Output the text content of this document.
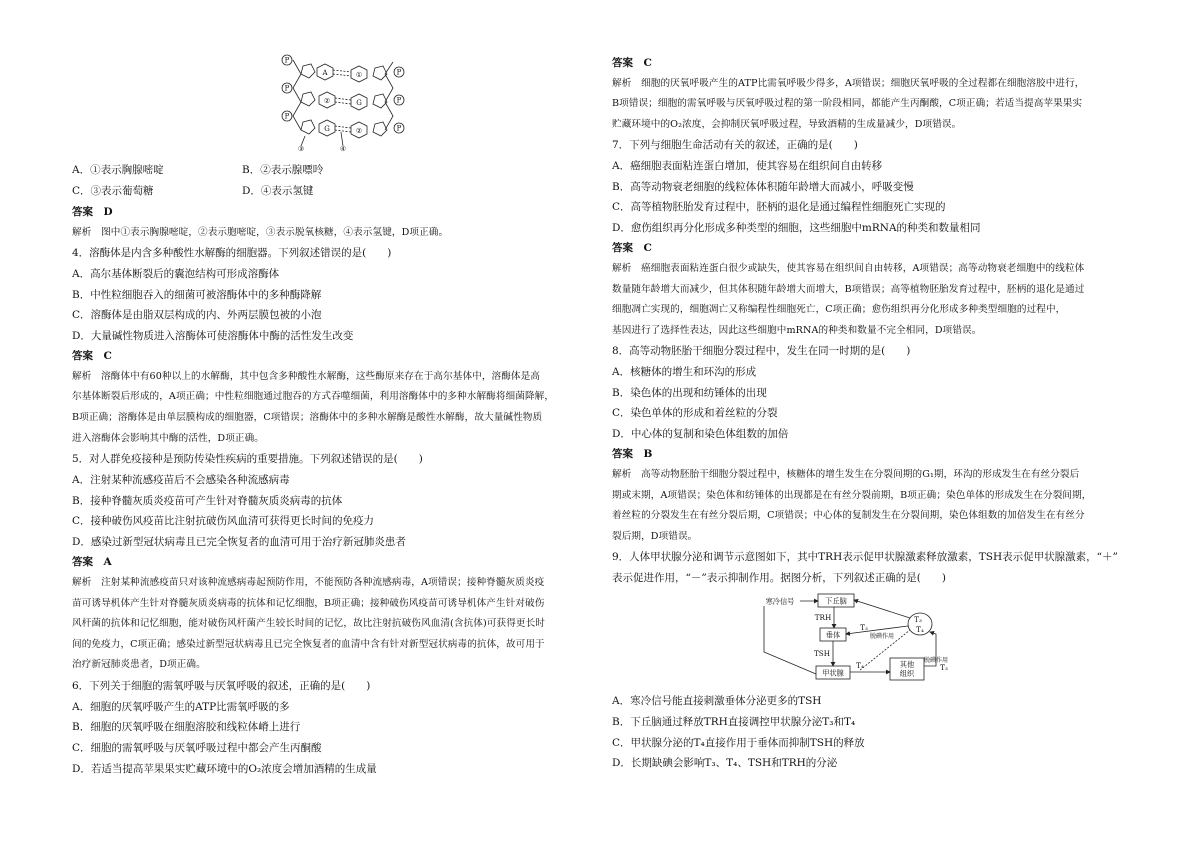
P
P
P
P
P
P
A	①
②	G
G	②
③	④
A．①表示胸腺嘧啶	B．②表示腺嘌呤
C．③表示葡萄糖	D．④表示氢键
答案　D
解析　图中①表示胸腺嘧啶，②表示胞嘧啶，③表示脱氧核糖，④表示氢键，D项正确。
4．溶酶体是内含多种酸性水解酶的细胞器。下列叙述错误的是(　　)
A．高尔基体断裂后的囊泡结构可形成溶酶体
B．中性粒细胞吞入的细菌可被溶酶体中的多种酶降解
C．溶酶体是由脂双层构成的内、外两层膜包被的小泡
D．大量碱性物质进入溶酶体可使溶酶体中酶的活性发生改变
答案　C
解析　溶酶体中有60种以上的水解酶，其中包含多种酸性水解酶，这些酶原来存在于高尔基体中，溶酶体是高
尔基体断裂后形成的，A项正确；中性粒细胞通过胞吞的方式吞噬细菌，利用溶酶体中的多种水解酶将细菌降解，
B项正确；溶酶体是由单层膜构成的细胞器，C项错误；溶酶体中的多种水解酶是酸性水解酶，故大量碱性物质
进入溶酶体会影响其中酶的活性，D项正确。
5．对人群免疫接种是预防传染性疾病的重要措施。下列叙述错误的是(　　)
A．注射某种流感疫苗后不会感染各种流感病毒
B．接种脊髓灰质炎疫苗可产生针对脊髓灰质炎病毒的抗体
C．接种破伤风疫苗比注射抗破伤风血清可获得更长时间的免疫力
D．感染过新型冠状病毒且已完全恢复者的血清可用于治疗新冠肺炎患者
答案　A
解析　注射某种流感疫苗只对该种流感病毒起预防作用，不能预防各种流感病毒，A项错误；接种脊髓灰质炎疫
苗可诱导机体产生针对脊髓灰质炎病毒的抗体和记忆细胞，B项正确；接种破伤风疫苗可诱导机体产生针对破伤
风杆菌的抗体和记忆细胞，能对破伤风杆菌产生较长时间的记忆，故比注射抗破伤风血清(含抗体)可获得更长时
间的免疫力，C项正确；感染过新型冠状病毒且已完全恢复者的血清中含有针对新型冠状病毒的抗体，故可用于
治疗新冠肺炎患者，D项正确。
6．下列关于细胞的需氧呼吸与厌氧呼吸的叙述，正确的是(　　)
A．细胞的厌氧呼吸产生的ATP比需氧呼吸的多
B．细胞的厌氧呼吸在细胞溶胶和线粒体嵴上进行
C．细胞的需氧呼吸与厌氧呼吸过程中都会产生丙酮酸
D．若适当提高苹果果实贮藏环境中的O₂浓度会增加酒精的生成量
答案　C
解析　细胞的厌氧呼吸产生的ATP比需氧呼吸少得多，A项错误；细胞厌氧呼吸的全过程都在细胞溶胶中进行，
B项错误；细胞的需氧呼吸与厌氧呼吸过程的第一阶段相同，都能产生丙酮酸，C项正确；若适当提高苹果果实
贮藏环境中的O₂浓度，会抑制厌氧呼吸过程，导致酒精的生成量减少，D项错误。
7．下列与细胞生命活动有关的叙述，正确的是(　　)
A．癌细胞表面粘连蛋白增加，使其容易在组织间自由转移
B．高等动物衰老细胞的线粒体体积随年龄增大而减小，呼吸变慢
C．高等植物胚胎发育过程中，胚柄的退化是通过编程性细胞死亡实现的
D．愈伤组织再分化形成多种类型的细胞，这些细胞中mRNA的种类和数量相同
答案　C
解析　癌细胞表面粘连蛋白很少或缺失，使其容易在组织间自由转移，A项错误；高等动物衰老细胞中的线粒体
数量随年龄增大而减少，但其体积随年龄增大而增大，B项错误；高等植物胚胎发育过程中，胚柄的退化是通过
细胞凋亡实现的，细胞凋亡又称编程性细胞死亡，C项正确；愈伤组织再分化形成多种类型细胞的过程中，
基因进行了选择性表达，因此这些细胞中mRNA的种类和数量不完全相同，D项错误。
8．高等动物胚胎干细胞分裂过程中，发生在同一时期的是(　　)
A．核糖体的增生和环沟的形成
B．染色体的出现和纺锤体的出现
C．染色单体的形成和着丝粒的分裂
D．中心体的复制和染色体组数的加倍
答案　B
解析　高等动物胚胎干细胞分裂过程中，核糖体的增生发生在分裂间期的G₁期，环沟的形成发生在有丝分裂后
期或末期，A项错误；染色体和纺锤体的出现都是在有丝分裂前期，B项正确；染色单体的形成发生在分裂间期，
着丝粒的分裂发生在有丝分裂后期，C项错误；中心体的复制发生在分裂间期，染色体组数的加倍发生在有丝分
裂后期，D项错误。
9．人体甲状腺分泌和调节示意图如下，其中TRH表示促甲状腺激素释放激素，TSH表示促甲状腺激素，“＋”
表示促进作用，“－”表示抑制作用。据图分析，下列叙述正确的是(　　)
寒冷信号	下丘脑
TRH
垂体
TSH
甲状腺
其他
组织
T₃
T₄
T₃
T₄	T₃
脱碘作用
脱碘作用
A．寒冷信号能直接刺激垂体分泌更多的TSH
B．下丘脑通过释放TRH直接调控甲状腺分泌T₃和T₄
C．甲状腺分泌的T₄直接作用于垂体而抑制TSH的释放
D．长期缺碘会影响T₃、T₄、TSH和TRH的分泌
